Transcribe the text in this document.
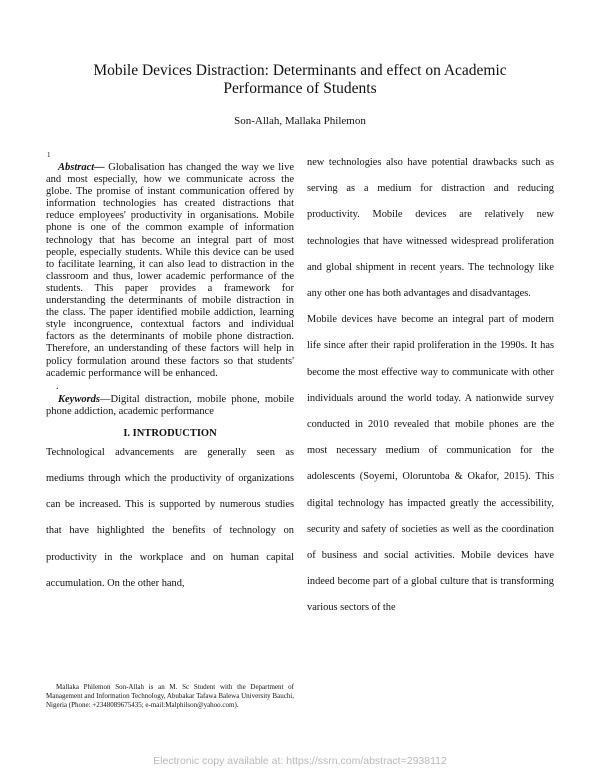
Mobile Devices Distraction: Determinants and effect on Academic Performance of Students
Son-Allah, Mallaka Philemon
1

Abstract— Globalisation has changed the way we live and most especially, how we communicate across the globe. The promise of instant communication offered by information technologies has created distractions that reduce employees' productivity in organisations. Mobile phone is one of the common example of information technology that has become an integral part of most people, especially students. While this device can be used to facilitate learning, it can also lead to distraction in the classroom and thus, lower academic performance of the students. This paper provides a framework for understanding the determinants of mobile distraction in the class. The paper identified mobile addiction, learning style incongruence, contextual factors and individual factors as the determinants of mobile phone distraction. Therefore, an understanding of these factors will help in policy formulation around these factors so that students' academic performance will be enhanced.

.

Keywords—Digital distraction, mobile phone, mobile phone addiction, academic performance

I. INTRODUCTION

Technological advancements are generally seen as mediums through which the productivity of organizations can be increased. This is supported by numerous studies that have highlighted the benefits of technology on productivity in the workplace and on human capital accumulation. On the other hand,

new technologies also have potential drawbacks such as serving as a medium for distraction and reducing productivity. Mobile devices are relatively new technologies that have witnessed widespread proliferation and global shipment in recent years. The technology like any other one has both advantages and disadvantages.

Mobile devices have become an integral part of modern life since after their rapid proliferation in the 1990s. It has become the most effective way to communicate with other individuals around the world today. A nationwide survey conducted in 2010 revealed that mobile phones are the most necessary medium of communication for the adolescents (Soyemi, Oloruntoba & Okafor, 2015). This digital technology has impacted greatly the accessibility, security and safety of societies as well as the coordination of business and social activities. Mobile devices have indeed become part of a global culture that is transforming various sectors of the

Mallaka Philemon Son-Allah is an M. Sc Student with the Department of Management and Information Technology, Abubakar Tafawa Balewa University Bauchi, Nigeria (Phone: +2348089675435; e-mail:Malphilson@yahoo.com).
Electronic copy available at: https://ssrn.com/abstract=2938112
